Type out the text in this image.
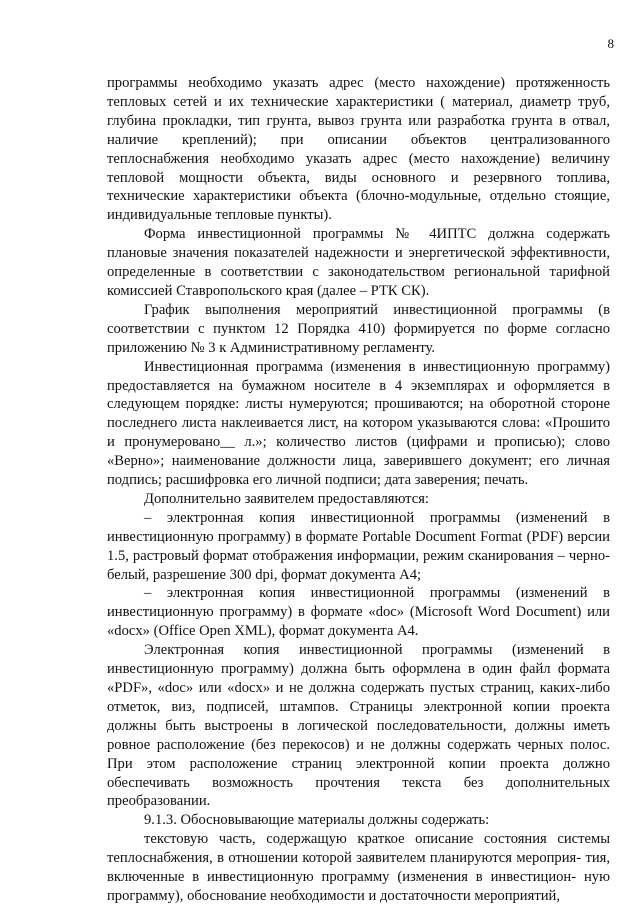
8

программы необходимо указать адрес (место нахождение) протяженность тепловых сетей и их технические характеристики ( материал, диаметр труб, глубина прокладки, тип грунта, вывоз грунта или разработка грунта в отвал, наличие креплений); при описании объектов централизованного теплоснабжения необходимо указать адрес (место нахождение) величину тепловой мощности объекта, виды основного и резервного топлива, технические характеристики объекта (блочно-модульные, отдельно стоящие, индивидуальные тепловые пункты).

Форма инвестиционной программы № 4ИПТС должна содержать плановые значения показателей надежности и энергетической эффективности, определенные в соответствии с законодательством региональной тарифной комиссией Ставропольского края (далее – РТК СК).

График выполнения мероприятий инвестиционной программы (в соответствии с пунктом 12 Порядка 410) формируется по форме согласно приложению № 3 к Административному регламенту.

Инвестиционная программа (изменения в инвестиционную программу) предоставляется на бумажном носителе в 4 экземплярах и оформляется в следующем порядке: листы нумеруются; прошиваются; на оборотной стороне последнего листа наклеивается лист, на котором указываются слова: «Прошито и пронумеровано__ л.»; количество листов (цифрами и прописью); слово «Верно»; наименование должности лица, заверившего документ; его личная подпись; расшифровка его личной подписи; дата заверения; печать.

Дополнительно заявителем предоставляются:

– электронная копия инвестиционной программы (изменений в инвестиционную программу) в формате Portable Document Format (PDF) версии 1.5, растровый формат отображения информации, режим сканирования – черно-белый, разрешение 300 dpi, формат документа А4;

– электронная копия инвестиционной программы (изменений в инвестиционную программу) в формате «doc» (Microsoft Word Document) или «docx» (Office Open XML), формат документа А4.

Электронная копия инвестиционной программы (изменений в инвестиционную программу) должна быть оформлена в один файл формата «PDF», «doc» или «docx» и не должна содержать пустых страниц, каких-либо отметок, виз, подписей, штампов. Страницы электронной копии проекта должны быть выстроены в логической последовательности, должны иметь ровное расположение (без перекосов) и не должны содержать черных полос. При этом расположение страниц электронной копии проекта должно обеспечивать возможность прочтения текста без дополнительных преобразовании.

9.1.3. Обосновывающие материалы должны содержать:

текстовую часть, содержащую краткое описание состояния системы теплоснабжения, в отношении которой заявителем планируются мероприя- тия, включенные в инвестиционную программу (изменения в инвестицион- ную программу), обоснование необходимости и достаточности мероприятий,
